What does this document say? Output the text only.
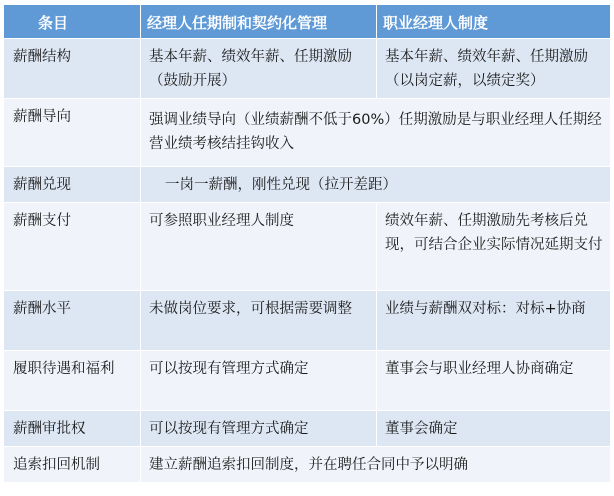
条目	经理人任期制和契约化管理	职业经理人制度
薪酬结构	基本年薪、绩效年薪、任期激励（鼓励开展）	基本年薪、绩效年薪、任期激励（以岗定薪，以绩定奖）
薪酬导向	强调业绩导向（业绩薪酬不低于60%）任期激励是与职业经理人任期经营业绩考核结挂钩收入	
薪酬兑现	一岗一薪酬，刚性兑现（拉开差距）	
薪酬支付	可参照职业经理人制度	绩效年薪、任期激励先考核后兑现，可结合企业实际情况延期支付
薪酬水平	未做岗位要求，可根据需要调整	业绩与薪酬双对标：对标+协商
履职待遇和福利	可以按现有管理方式确定	董事会与职业经理人协商确定
薪酬审批权	可以按现有管理方式确定	董事会确定
追索扣回机制	建立薪酬追索扣回制度，并在聘任合同中予以明确	
